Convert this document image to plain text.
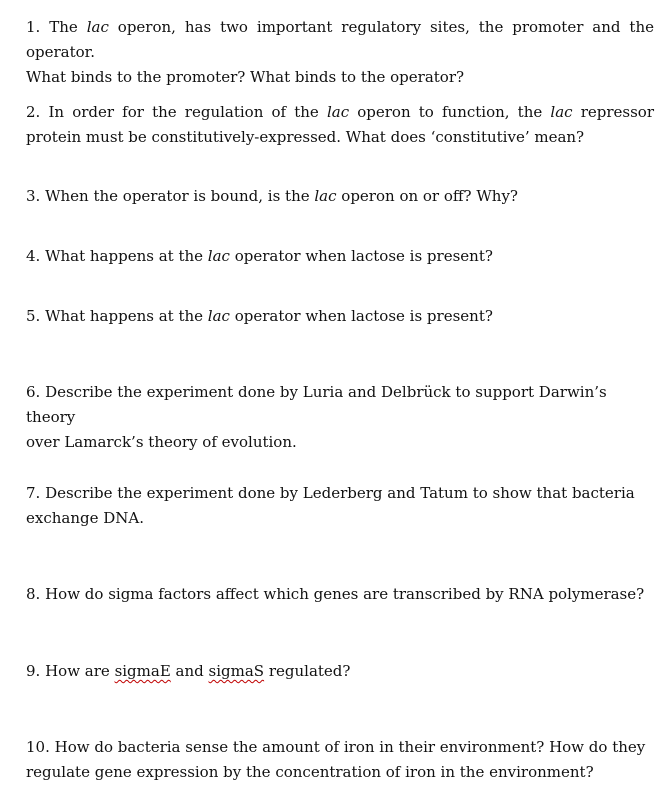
1. The lac operon, has two important regulatory sites, the promoter and the operator.
What binds to the promoter? What binds to the operator?

2. In order for the regulation of the lac operon to function, the lac repressor protein must be constitutively-expressed. What does ‘constitutive’ mean?

3. When the operator is bound, is the lac operon on or off? Why?

4. What happens at the lac operator when lactose is present?

5. What happens at the lac operator when lactose is present?

6. Describe the experiment done by Luria and Delbrück to support Darwin’s theory
over Lamarck’s theory of evolution.

7. Describe the experiment done by Lederberg and Tatum to show that bacteria
exchange DNA.

8. How do sigma factors affect which genes are transcribed by RNA polymerase?

9. How are sigmaE and sigmaS regulated?

10. How do bacteria sense the amount of iron in their environment? How do they
regulate gene expression by the concentration of iron in the environment?
